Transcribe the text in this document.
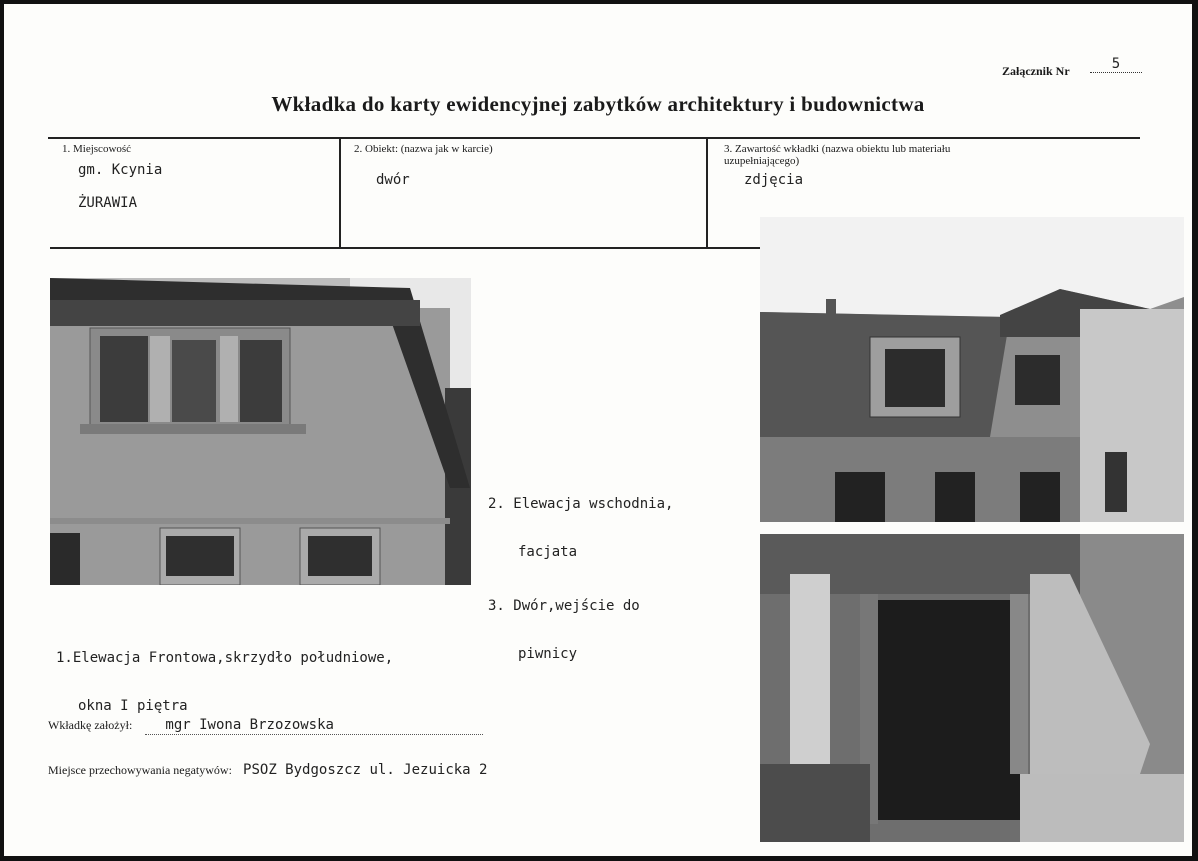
Załącznik Nr	5
Wkładka do karty ewidencyjnej zabytków architektury i budownictwa
1. Miejscowość
gm. Kcynia
ŻURAWIA
2. Obiekt: (nazwa jak w karcie)
dwór
3. Zawartość wkładki (nazwa obiektu lub materiału
uzupełniającego)
zdjęcia

1.Elewacja Frontowa,skrzydło południowe,

okna I piętra

2. Elewacja wschodnia,

facjata

3. Dwór,wejście do

piwnicy

Wkładkę założył: mgr Iwona Brzozowska
Miejsce przechowywania negatywów: PSOZ Bydgoszcz ul. Jezuicka 2
